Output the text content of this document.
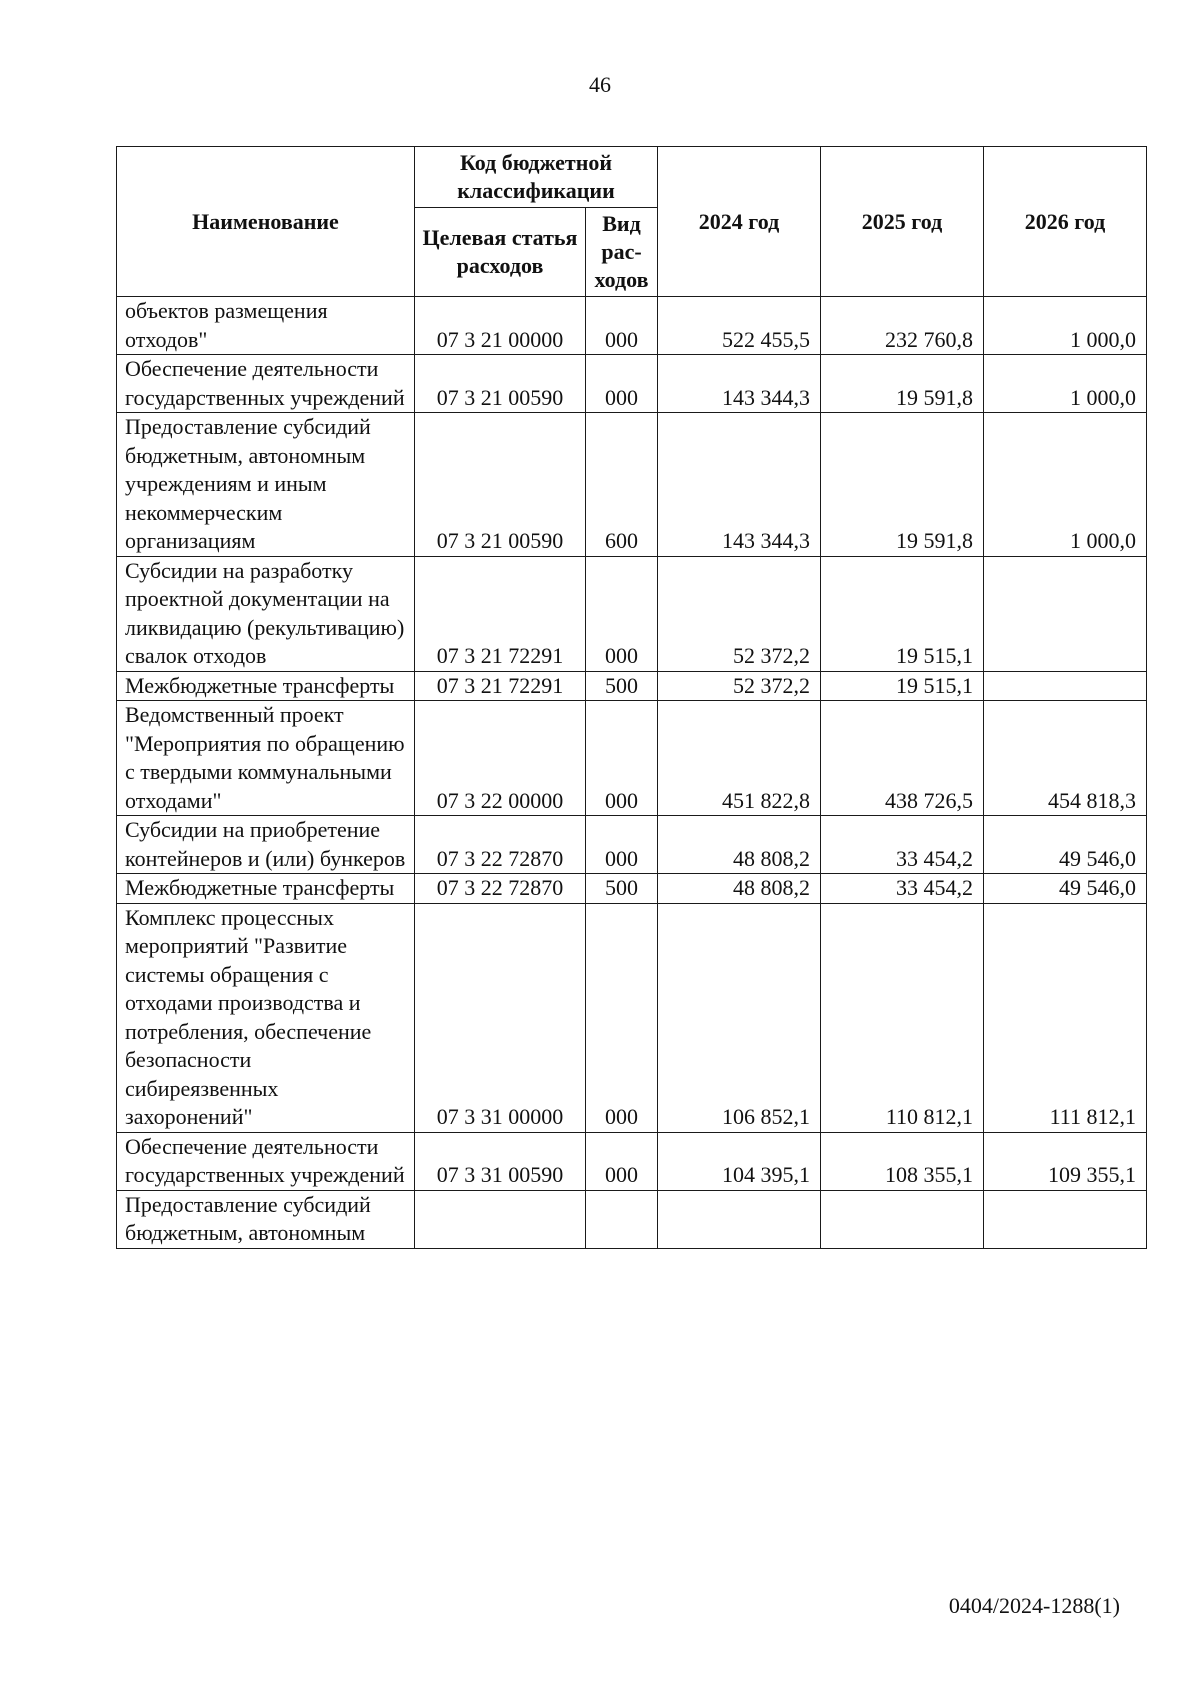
46
Наименование	Код бюджетной классификации		2024 год	2025 год	2026 год
	Целевая статья расходов	Вид рас-ходов			
объектов размещения отходов"	07 3 21 00000	000	522 455,5	232 760,8	1 000,0
Обеспечение деятельности государственных учреждений	07 3 21 00590	000	143 344,3	19 591,8	1 000,0
Предоставление субсидий бюджетным, автономным учреждениям и иным некоммерческим организациям	07 3 21 00590	600	143 344,3	19 591,8	1 000,0
Субсидии на разработку проектной документации на ликвидацию (рекультивацию) свалок отходов	07 3 21 72291	000	52 372,2	19 515,1	
Межбюджетные трансферты	07 3 21 72291	500	52 372,2	19 515,1	
Ведомственный проект "Мероприятия по обращению с твердыми коммунальными отходами"	07 3 22 00000	000	451 822,8	438 726,5	454 818,3
Субсидии на приобретение контейнеров и (или) бункеров	07 3 22 72870	000	48 808,2	33 454,2	49 546,0
Межбюджетные трансферты	07 3 22 72870	500	48 808,2	33 454,2	49 546,0
Комплекс процессных мероприятий "Развитие системы обращения с отходами производства и потребления, обеспечение безопасности сибиреязвенных захоронений"	07 3 31 00000	000	106 852,1	110 812,1	111 812,1
Обеспечение деятельности государственных учреждений	07 3 31 00590	000	104 395,1	108 355,1	109 355,1
Предоставление субсидий бюджетным, автономным					
0404/2024-1288(1)
